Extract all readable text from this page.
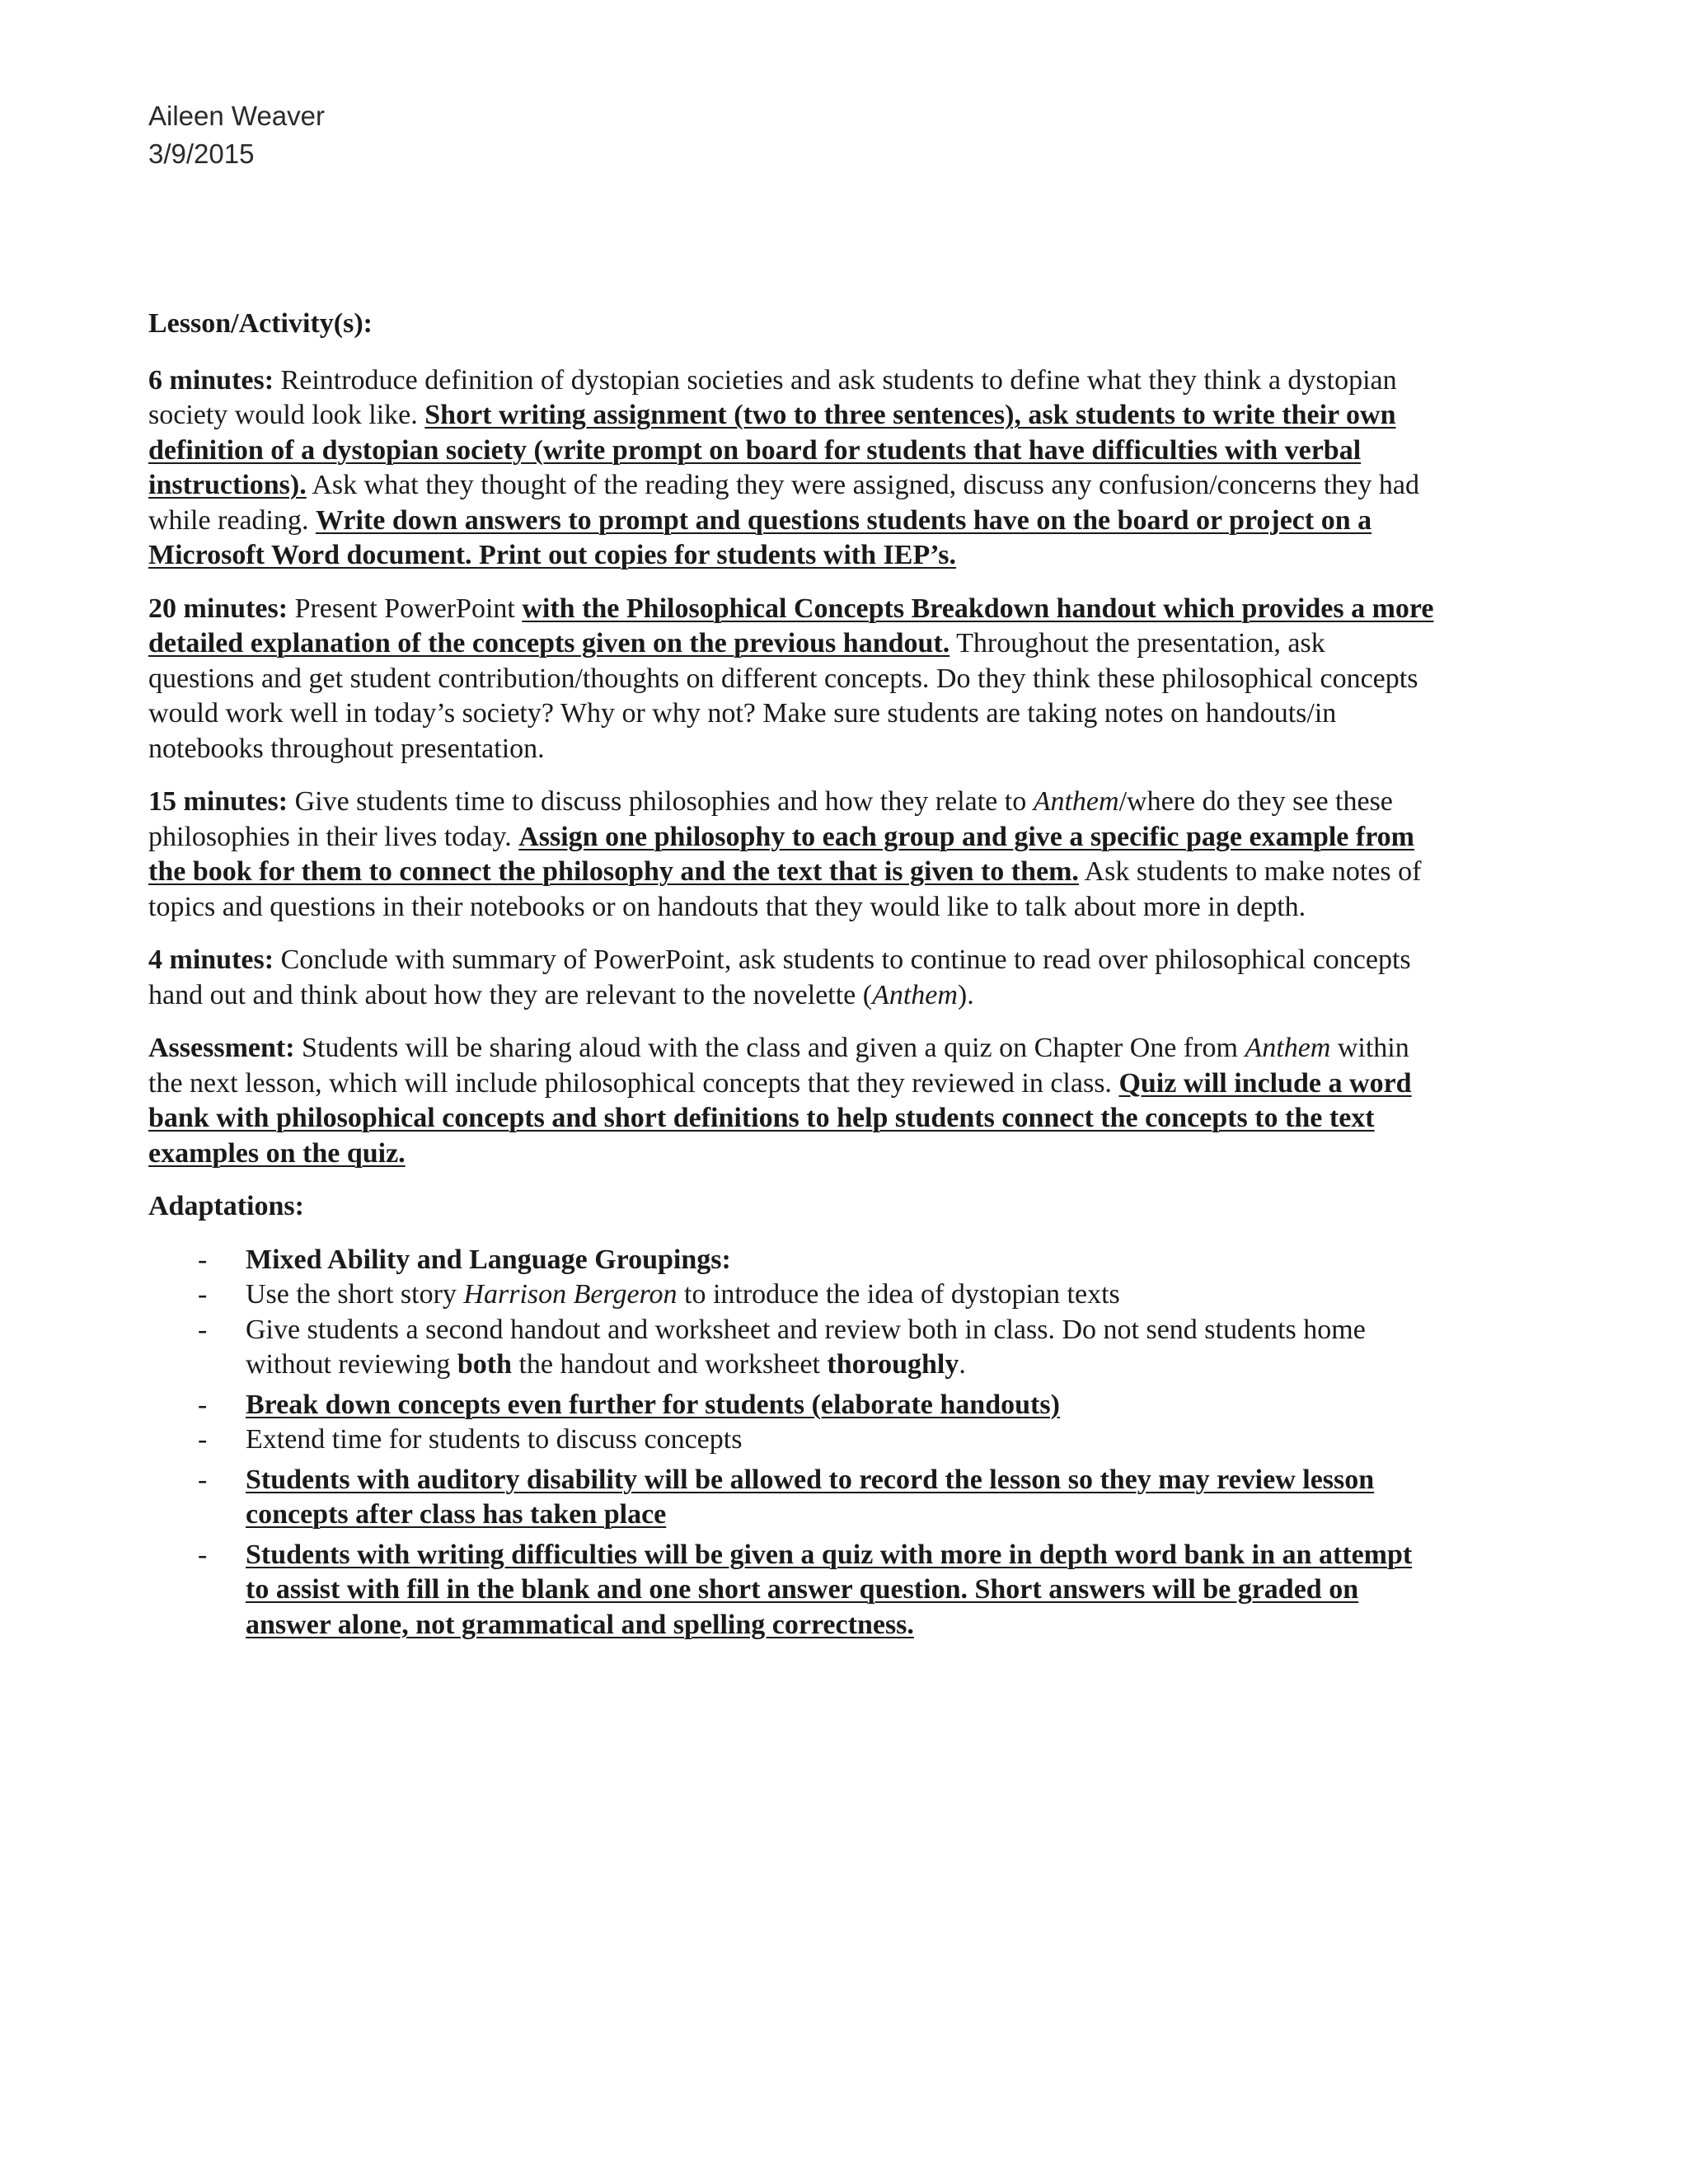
Aileen Weaver
3/9/2015

Lesson/Activity(s):

6 minutes: Reintroduce definition of dystopian societies and ask students to define what they think a dystopian society would look like. Short writing assignment (two to three sentences), ask students to write their own definition of a dystopian society (write prompt on board for students that have difficulties with verbal instructions). Ask what they thought of the reading they were assigned, discuss any confusion/concerns they had while reading. Write down answers to prompt and questions students have on the board or project on a Microsoft Word document. Print out copies for students with IEP’s.

20 minutes: Present PowerPoint with the Philosophical Concepts Breakdown handout which provides a more detailed explanation of the concepts given on the previous handout. Throughout the presentation, ask questions and get student contribution/thoughts on different concepts. Do they think these philosophical concepts would work well in today’s society? Why or why not? Make sure students are taking notes on handouts/in notebooks throughout presentation.

15 minutes: Give students time to discuss philosophies and how they relate to Anthem/where do they see these philosophies in their lives today. Assign one philosophy to each group and give a specific page example from the book for them to connect the philosophy and the text that is given to them. Ask students to make notes of topics and questions in their notebooks or on handouts that they would like to talk about more in depth.

4 minutes: Conclude with summary of PowerPoint, ask students to continue to read over philosophical concepts hand out and think about how they are relevant to the novelette (Anthem).

Assessment: Students will be sharing aloud with the class and given a quiz on Chapter One from Anthem within the next lesson, which will include philosophical concepts that they reviewed in class. Quiz will include a word bank with philosophical concepts and short definitions to help students connect the concepts to the text examples on the quiz.

Adaptations:

- Mixed Ability and Language Groupings:
- Use the short story Harrison Bergeron to introduce the idea of dystopian texts
- Give students a second handout and worksheet and review both in class. Do not send students home without reviewing both the handout and worksheet thoroughly.
- Break down concepts even further for students (elaborate handouts)
- Extend time for students to discuss concepts
- Students with auditory disability will be allowed to record the lesson so they may review lesson concepts after class has taken place
- Students with writing difficulties will be given a quiz with more in depth word bank in an attempt to assist with fill in the blank and one short answer question. Short answers will be graded on answer alone, not grammatical and spelling correctness.
